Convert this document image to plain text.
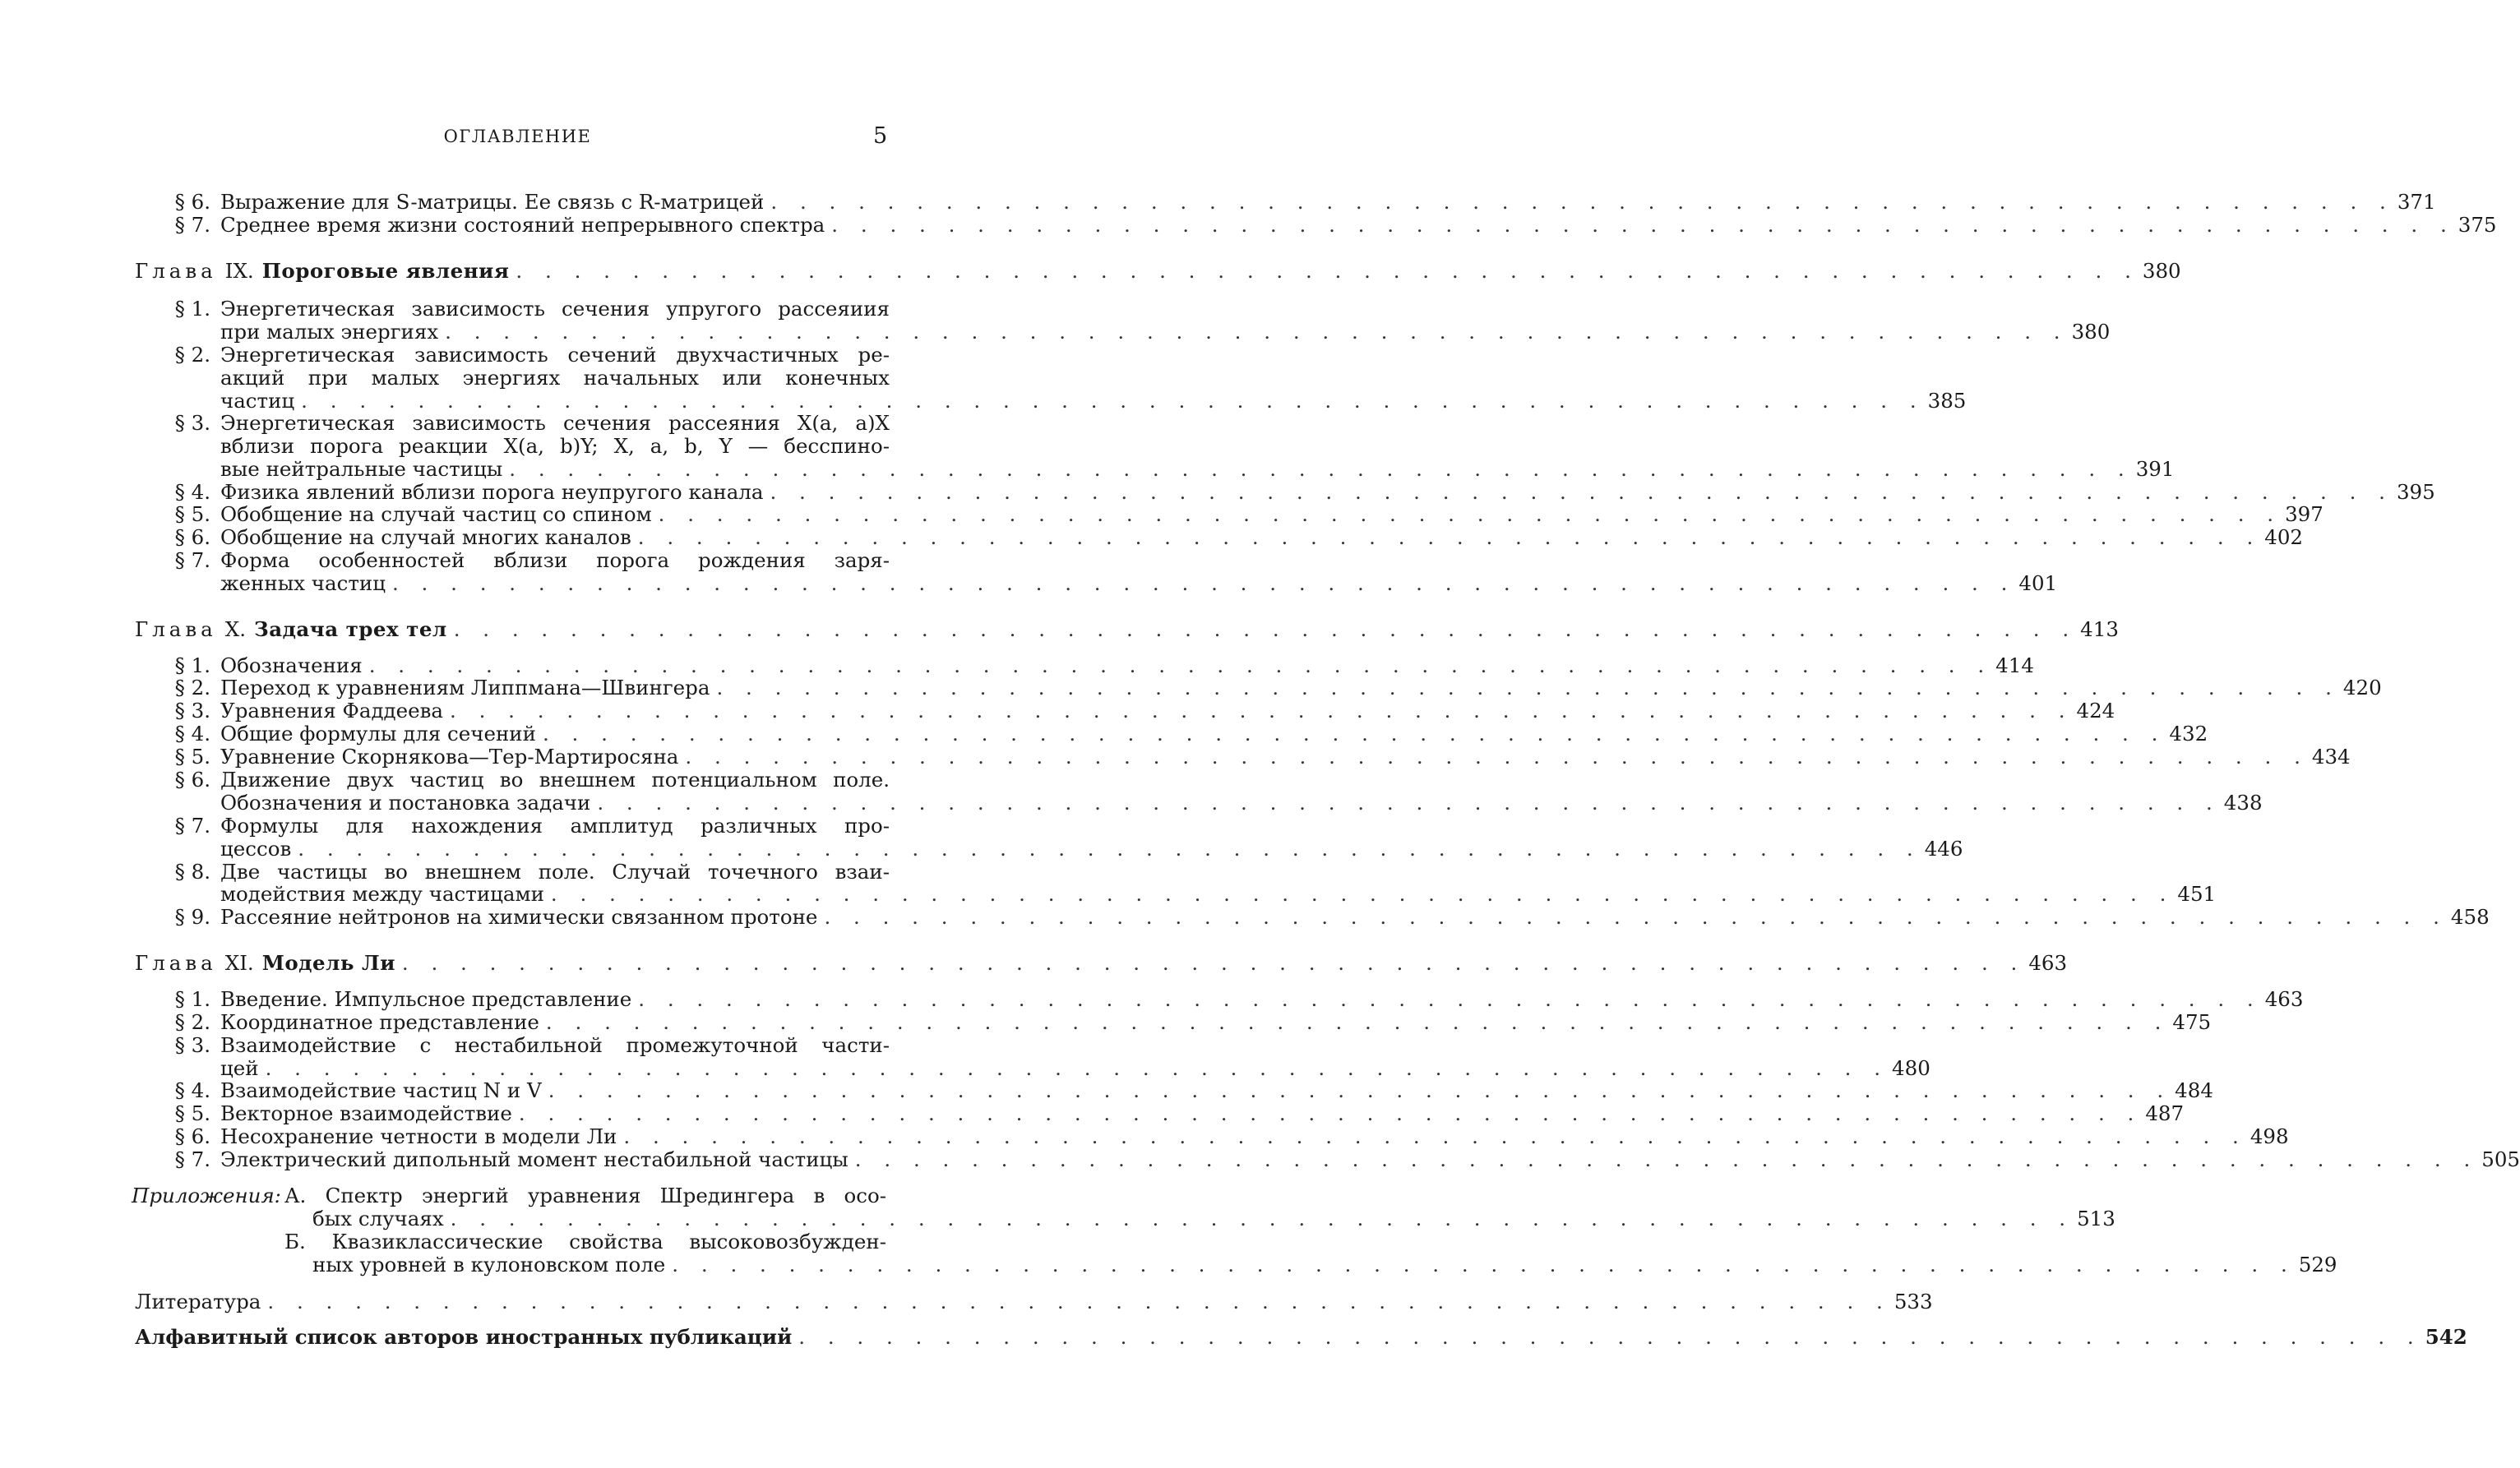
ОГЛАВЛЕНИЕ	5
§ 6. Выражение для S-матрицы. Ее связь с R-матрицей . . . . . . . . . . . . . . . . . . . . . . . . . . . . . . . . . . . . . . . . . . . . . . . . . . . . . . . . 371
§ 7. Среднее время жизни состояний непрерывного спектра . . . . . . . . . . . . . . . . . . . . . . . . . . . . . . . . . . . . . . . . . . . . . . . . . . . . . . . . 375
Глава IX. Пороговые явления . . . . . . . . . . . . . . . . . . . . . . . . . . . . . . . . . . . . . . . . . . . . . . . . . . . . . . . . 380
§ 1. Энергетическая зависимость сечения упругого рассеяиия
при малых энергиях . . . . . . . . . . . . . . . . . . . . . . . . . . . . . . . . . . . . . . . . . . . . . . . . . . . . . . . . 380
§ 2. Энергетическая зависимость сечений двухчастичных ре-
акций при малых энергиях начальных или конечных
частиц . . . . . . . . . . . . . . . . . . . . . . . . . . . . . . . . . . . . . . . . . . . . . . . . . . . . . . . . 385
§ 3. Энергетическая зависимость сечения рассеяния X(a, a)X
вблизи порога реакции X(a, b)Y; X, a, b, Y — бесспино-
вые нейтральные частицы . . . . . . . . . . . . . . . . . . . . . . . . . . . . . . . . . . . . . . . . . . . . . . . . . . . . . . . . 391
§ 4. Физика явлений вблизи порога неупругого канала . . . . . . . . . . . . . . . . . . . . . . . . . . . . . . . . . . . . . . . . . . . . . . . . . . . . . . . . 395
§ 5. Обобщение на случай частиц со спином . . . . . . . . . . . . . . . . . . . . . . . . . . . . . . . . . . . . . . . . . . . . . . . . . . . . . . . . 397
§ 6. Обобщение на случай многих каналов . . . . . . . . . . . . . . . . . . . . . . . . . . . . . . . . . . . . . . . . . . . . . . . . . . . . . . . . 402
§ 7. Форма особенностей вблизи порога рождения заря-
женных частиц . . . . . . . . . . . . . . . . . . . . . . . . . . . . . . . . . . . . . . . . . . . . . . . . . . . . . . . . 401
Глава X. Задача трех тел . . . . . . . . . . . . . . . . . . . . . . . . . . . . . . . . . . . . . . . . . . . . . . . . . . . . . . . . 413
§ 1. Обозначения . . . . . . . . . . . . . . . . . . . . . . . . . . . . . . . . . . . . . . . . . . . . . . . . . . . . . . . . 414
§ 2. Переход к уравнениям Липпмана—Швингера . . . . . . . . . . . . . . . . . . . . . . . . . . . . . . . . . . . . . . . . . . . . . . . . . . . . . . . . 420
§ 3. Уравнения Фаддеева . . . . . . . . . . . . . . . . . . . . . . . . . . . . . . . . . . . . . . . . . . . . . . . . . . . . . . . . 424
§ 4. Общие формулы для сечений . . . . . . . . . . . . . . . . . . . . . . . . . . . . . . . . . . . . . . . . . . . . . . . . . . . . . . . . 432
§ 5. Уравнение Скорнякова—Тер-Мартиросяна . . . . . . . . . . . . . . . . . . . . . . . . . . . . . . . . . . . . . . . . . . . . . . . . . . . . . . . . 434
§ 6. Движение двух частиц во внешнем потенциальном поле.
Обозначения и постановка задачи . . . . . . . . . . . . . . . . . . . . . . . . . . . . . . . . . . . . . . . . . . . . . . . . . . . . . . . . 438
§ 7. Формулы для нахождения амплитуд различных про-
цессов . . . . . . . . . . . . . . . . . . . . . . . . . . . . . . . . . . . . . . . . . . . . . . . . . . . . . . . . 446
§ 8. Две частицы во внешнем поле. Случай точечного взаи-
модействия между частицами . . . . . . . . . . . . . . . . . . . . . . . . . . . . . . . . . . . . . . . . . . . . . . . . . . . . . . . . 451
§ 9. Рассеяние нейтронов на химически связанном протоне . . . . . . . . . . . . . . . . . . . . . . . . . . . . . . . . . . . . . . . . . . . . . . . . . . . . . . . . 458
Глава XI. Модель Ли . . . . . . . . . . . . . . . . . . . . . . . . . . . . . . . . . . . . . . . . . . . . . . . . . . . . . . . . 463
§ 1. Введение. Импульсное представление . . . . . . . . . . . . . . . . . . . . . . . . . . . . . . . . . . . . . . . . . . . . . . . . . . . . . . . . 463
§ 2. Координатное представление . . . . . . . . . . . . . . . . . . . . . . . . . . . . . . . . . . . . . . . . . . . . . . . . . . . . . . . . 475
§ 3. Взаимодействие с нестабильной промежуточной части-
цей . . . . . . . . . . . . . . . . . . . . . . . . . . . . . . . . . . . . . . . . . . . . . . . . . . . . . . . . 480
§ 4. Взаимодействие частиц N и V . . . . . . . . . . . . . . . . . . . . . . . . . . . . . . . . . . . . . . . . . . . . . . . . . . . . . . . . 484
§ 5. Векторное взаимодействие . . . . . . . . . . . . . . . . . . . . . . . . . . . . . . . . . . . . . . . . . . . . . . . . . . . . . . . . 487
§ 6. Несохранение четности в модели Ли . . . . . . . . . . . . . . . . . . . . . . . . . . . . . . . . . . . . . . . . . . . . . . . . . . . . . . . . 498
§ 7. Электрический дипольный момент нестабильной частицы . . . . . . . . . . . . . . . . . . . . . . . . . . . . . . . . . . . . . . . . . . . . . . . . . . . . . . . . 505
Приложения: А. Спектр энергий уравнения Шредингера в осо-
бых случаях . . . . . . . . . . . . . . . . . . . . . . . . . . . . . . . . . . . . . . . . . . . . . . . . . . . . . . . . 513
Б. Квазиклассические свойства высоковозбужден-
ных уровней в кулоновском поле . . . . . . . . . . . . . . . . . . . . . . . . . . . . . . . . . . . . . . . . . . . . . . . . . . . . . . . . 529
Литература . . . . . . . . . . . . . . . . . . . . . . . . . . . . . . . . . . . . . . . . . . . . . . . . . . . . . . . . 533
Алфавитный список авторов иностранных публикаций . . . . . . . . . . . . . . . . . . . . . . . . . . . . . . . . . . . . . . . . . . . . . . . . . . . . . . . . 542
